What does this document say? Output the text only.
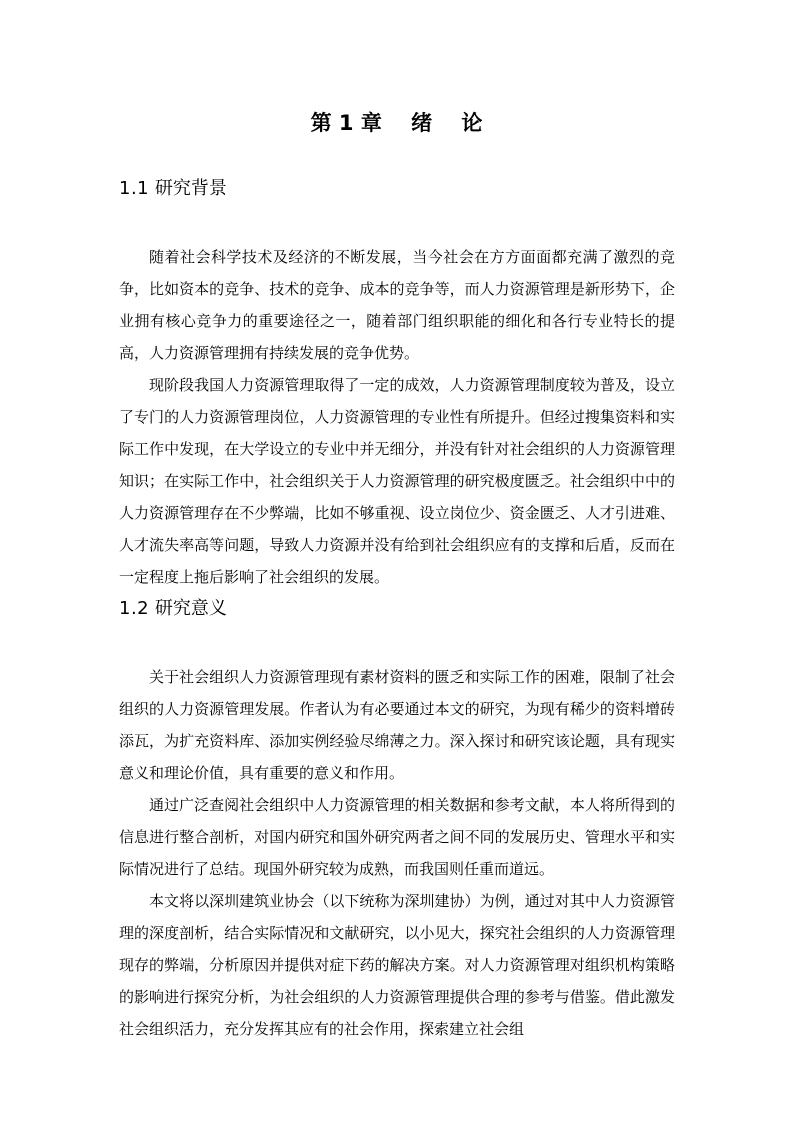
第 1 章    绪    论
1.1 研究背景

随着社会科学技术及经济的不断发展，当今社会在方方面面都充满了激烈的竞争，比如资本的竞争、技术的竞争、成本的竞争等，而人力资源管理是新形势下，企业拥有核心竞争力的重要途径之一，随着部门组织职能的细化和各行专业特长的提高，人力资源管理拥有持续发展的竞争优势。

现阶段我国人力资源管理取得了一定的成效，人力资源管理制度较为普及，设立了专门的人力资源管理岗位，人力资源管理的专业性有所提升。但经过搜集资料和实际工作中发现，在大学设立的专业中并无细分，并没有针对社会组织的人力资源管理知识；在实际工作中，社会组织关于人力资源管理的研究极度匮乏。社会组织中中的人力资源管理存在不少弊端，比如不够重视、设立岗位少、资金匮乏、人才引进难、人才流失率高等问题，导致人力资源并没有给到社会组织应有的支撑和后盾，反而在一定程度上拖后影响了社会组织的发展。

1.2 研究意义

关于社会组织人力资源管理现有素材资料的匮乏和实际工作的困难，限制了社会组织的人力资源管理发展。作者认为有必要通过本文的研究，为现有稀少的资料增砖添瓦，为扩充资料库、添加实例经验尽绵薄之力。深入探讨和研究该论题，具有现实意义和理论价值，具有重要的意义和作用。

通过广泛查阅社会组织中人力资源管理的相关数据和参考文献，本人将所得到的信息进行整合剖析，对国内研究和国外研究两者之间不同的发展历史、管理水平和实际情况进行了总结。现国外研究较为成熟，而我国则任重而道远。

本文将以深圳建筑业协会（以下统称为深圳建协）为例，通过对其中人力资源管理的深度剖析，结合实际情况和文献研究，以小见大，探究社会组织的人力资源管理现存的弊端，分析原因并提供对症下药的解决方案。对人力资源管理对组织机构策略的影响进行探究分析，为社会组织的人力资源管理提供合理的参考与借鉴。借此激发社会组织活力，充分发挥其应有的社会作用，探索建立社会组
